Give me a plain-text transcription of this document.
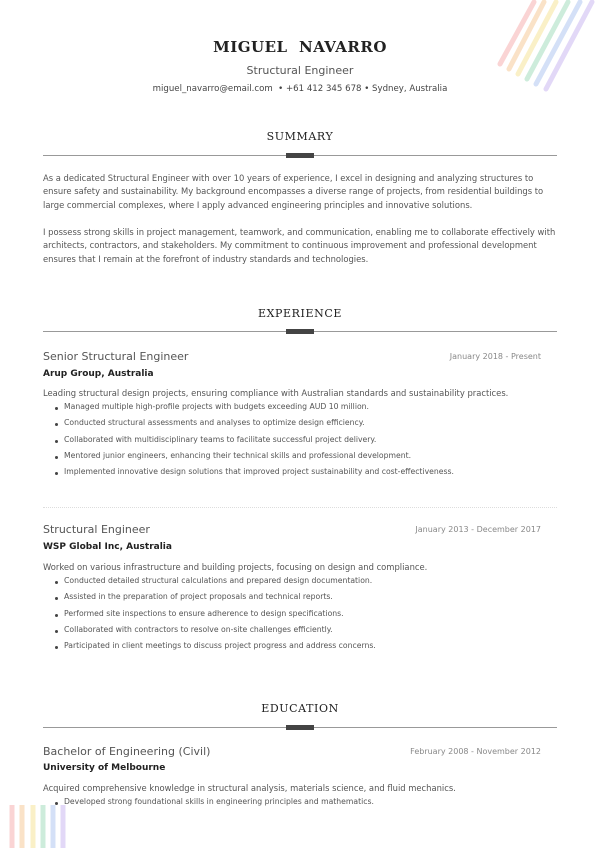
MIGUEL  NAVARRO
Structural Engineer
miguel_navarro@email.com  • +61 412 345 678 • Sydney, Australia
SUMMARY

As a dedicated Structural Engineer with over 10 years of experience, I excel in designing and analyzing structures to ensure safety and sustainability. My background encompasses a diverse range of projects, from residential buildings to large commercial complexes, where I apply advanced engineering principles and innovative solutions.

I possess strong skills in project management, teamwork, and communication, enabling me to collaborate effectively with architects, contractors, and stakeholders. My commitment to continuous improvement and professional development ensures that I remain at the forefront of industry standards and technologies.

EXPERIENCE
Senior Structural Engineer	January 2018 - Present
Arup Group, Australia
Leading structural design projects, ensuring compliance with Australian standards and sustainability practices.
Managed multiple high-profile projects with budgets exceeding AUD 10 million.
Conducted structural assessments and analyses to optimize design efficiency.
Collaborated with multidisciplinary teams to facilitate successful project delivery.
Mentored junior engineers, enhancing their technical skills and professional development.
Implemented innovative design solutions that improved project sustainability and cost-effectiveness.
Structural Engineer	January 2013 - December 2017
WSP Global Inc, Australia
Worked on various infrastructure and building projects, focusing on design and compliance.
Conducted detailed structural calculations and prepared design documentation.
Assisted in the preparation of project proposals and technical reports.
Performed site inspections to ensure adherence to design specifications.
Collaborated with contractors to resolve on-site challenges efficiently.
Participated in client meetings to discuss project progress and address concerns.
EDUCATION
Bachelor of Engineering (Civil)	February 2008 - November 2012
University of Melbourne
Acquired comprehensive knowledge in structural analysis, materials science, and fluid mechanics.
Developed strong foundational skills in engineering principles and mathematics.
